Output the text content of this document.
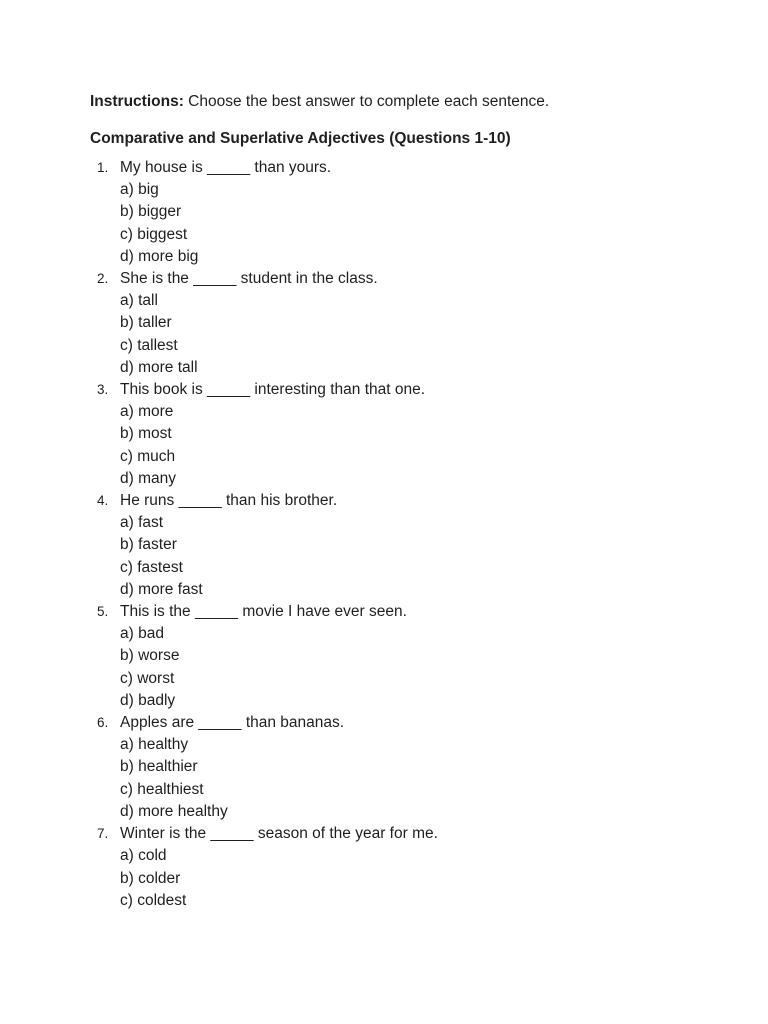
Instructions: Choose the best answer to complete each sentence.

Comparative and Superlative Adjectives (Questions 1-10)

1. My house is _____ than yours.
a) big
b) bigger
c) biggest
d) more big
2. She is the _____ student in the class.
a) tall
b) taller
c) tallest
d) more tall
3. This book is _____ interesting than that one.
a) more
b) most
c) much
d) many
4. He runs _____ than his brother.
a) fast
b) faster
c) fastest
d) more fast
5. This is the _____ movie I have ever seen.
a) bad
b) worse
c) worst
d) badly
6. Apples are _____ than bananas.
a) healthy
b) healthier
c) healthiest
d) more healthy
7. Winter is the _____ season of the year for me.
a) cold
b) colder
c) coldest
